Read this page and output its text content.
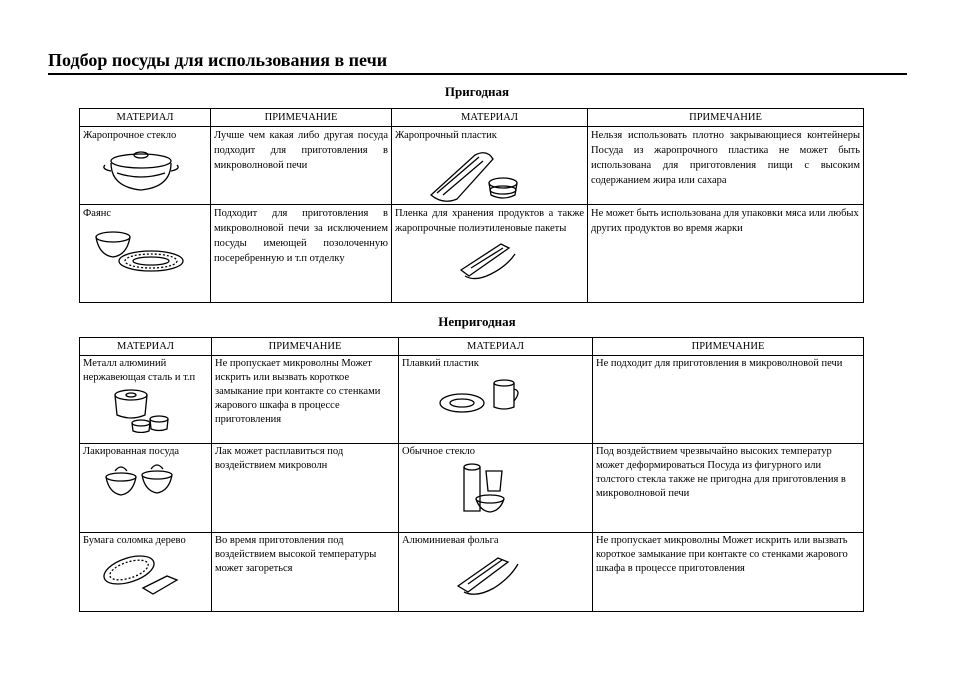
Подбор посуды для использования в печи
Пригодная
МАТЕРИАЛ	ПРИМЕЧАНИЕ	МАТЕРИАЛ	ПРИМЕЧАНИЕ

Жаропрочное стекло	Лучше чем какая либо другая посуда подходит для приготовления в микроволновой печи	Жаропрочный пластик	Нельзя использовать плотно закрывающиеся контейнеры Посуда из жаропрочного пластика не может быть использована для приготовления пищи с высоким содержанием жира или сахара

Фаянс	Подходит для приготовления в микроволновой печи за исключением посуды имеющей позолоченную посеребренную и т.п отделку	Пленка для хранения продуктов а также жаропрочные полиэтиленовые пакеты	Не может быть использована для упаковки мяса или любых других продуктов во время жарки
Непригодная
МАТЕРИАЛ	ПРИМЕЧАНИЕ	МАТЕРИАЛ	ПРИМЕЧАНИЕ

Металл алюминий нержавеющая сталь и т.п	Не пропускает микроволны Может искрить или вызвать короткое замыкание при контакте со стенками жарового шкафа в процессе приготовления	Плавкий пластик	Не подходит для приготовления в микроволновой печи

Лакированная посуда	Лак может расплавиться под воздействием микроволн	Обычное стекло	Под воздействием чрезвычайно высоких температур может деформироваться Посуда из фигурного или толстого стекла также не пригодна для приготовления в микроволновой печи

Бумага соломка дерево	Во время приготовления под воздействием высокой температуры может загореться	Алюминиевая фольга	Не пропускает микроволны Может искрить или вызвать короткое замыкание при контакте со стенками жарового шкафа в процессе приготовления
